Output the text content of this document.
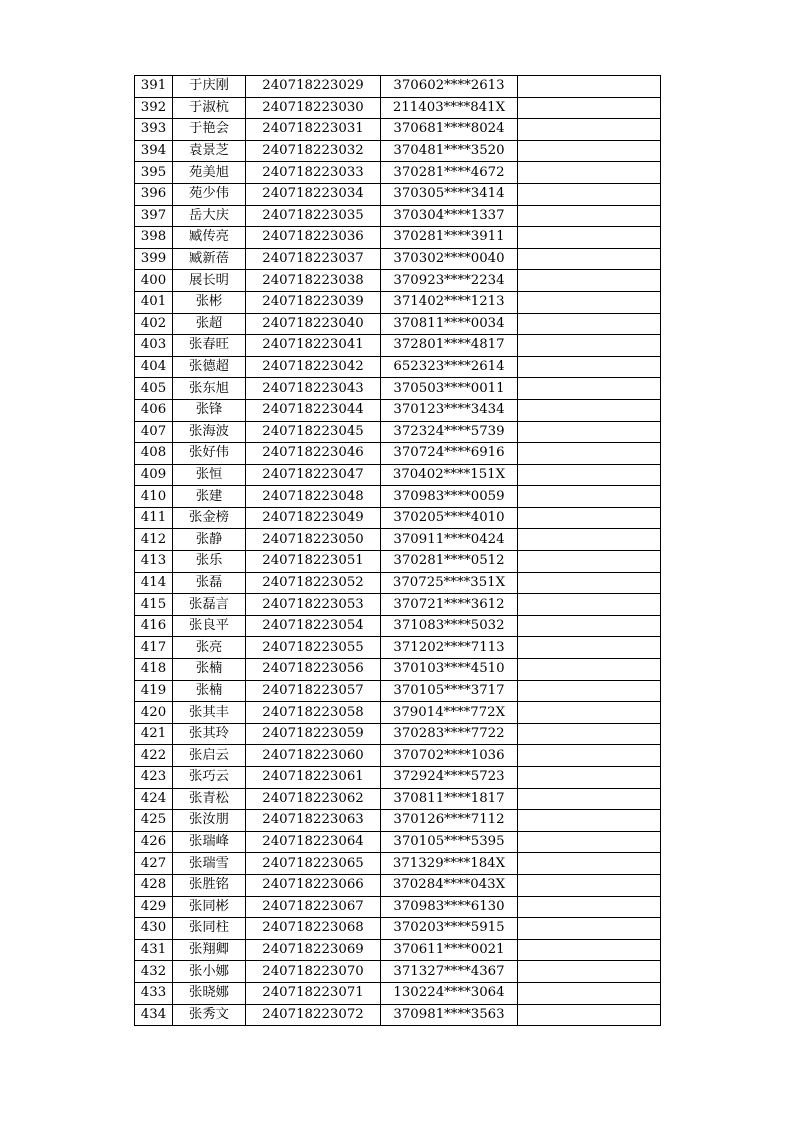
391	于庆刚	240718223029	370602****2613	
392	于淑杭	240718223030	211403****841X	
393	于艳会	240718223031	370681****8024	
394	袁景芝	240718223032	370481****3520	
395	苑美旭	240718223033	370281****4672	
396	苑少伟	240718223034	370305****3414	
397	岳大庆	240718223035	370304****1337	
398	臧传亮	240718223036	370281****3911	
399	臧新蓓	240718223037	370302****0040	
400	展长明	240718223038	370923****2234	
401	张彬	240718223039	371402****1213	
402	张超	240718223040	370811****0034	
403	张春旺	240718223041	372801****4817	
404	张德超	240718223042	652323****2614	
405	张东旭	240718223043	370503****0011	
406	张锋	240718223044	370123****3434	
407	张海波	240718223045	372324****5739	
408	张好伟	240718223046	370724****6916	
409	张恒	240718223047	370402****151X	
410	张建	240718223048	370983****0059	
411	张金榜	240718223049	370205****4010	
412	张静	240718223050	370911****0424	
413	张乐	240718223051	370281****0512	
414	张磊	240718223052	370725****351X	
415	张磊言	240718223053	370721****3612	
416	张良平	240718223054	371083****5032	
417	张亮	240718223055	371202****7113	
418	张楠	240718223056	370103****4510	
419	张楠	240718223057	370105****3717	
420	张其丰	240718223058	379014****772X	
421	张其玲	240718223059	370283****7722	
422	张启云	240718223060	370702****1036	
423	张巧云	240718223061	372924****5723	
424	张青松	240718223062	370811****1817	
425	张汝朋	240718223063	370126****7112	
426	张瑞峰	240718223064	370105****5395	
427	张瑞雪	240718223065	371329****184X	
428	张胜铭	240718223066	370284****043X	
429	张同彬	240718223067	370983****6130	
430	张同柱	240718223068	370203****5915	
431	张翔卿	240718223069	370611****0021	
432	张小娜	240718223070	371327****4367	
433	张晓娜	240718223071	130224****3064	
434	张秀文	240718223072	370981****3563	
